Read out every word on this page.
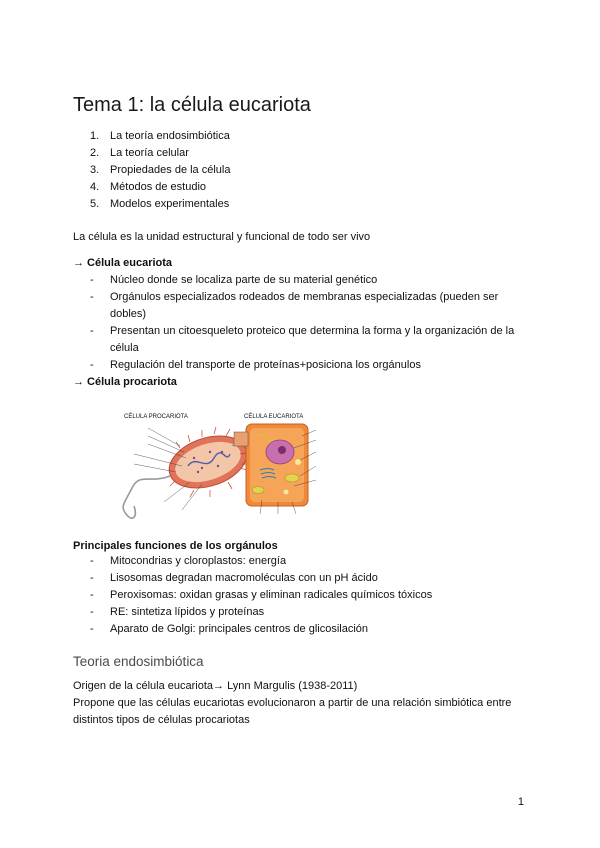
Tema 1: la célula eucariota
1. La teoría endosimbiótica
2. La teoría celular
3. Propiedades de la célula
4. Métodos de estudio
5. Modelos experimentales

La célula es la unidad estructural y funcional de todo ser vivo

→ Célula eucariota

- Núcleo donde se localiza parte de su material genético
- Orgánulos especializados rodeados de membranas especializadas (pueden ser dobles)
- Presentan un citoesqueleto proteico que determina la forma y la organización de la célula
- Regulación del transporte de proteínas+posiciona los orgánulos

→ Célula procariota

CÉLULA PROCARIOTA	CÉLULA EUCARIOTA

Principales funciones de los orgánulos

- Mitocondrias y cloroplastos: energía
- Lisosomas degradan macromoléculas con un pH ácido
- Peroxisomas: oxidan grasas y eliminan radicales químicos tóxicos
- RE: sintetiza lípidos y proteínas
- Aparato de Golgi: principales centros de glicosilación
Teoria endosimbiótica

Origen de la célula eucariota→ Lynn Margulis (1938-2011)

Propone que las células eucariotas evolucionaron a partir de una relación simbiótica entre distintos tipos de células procariotas

1
